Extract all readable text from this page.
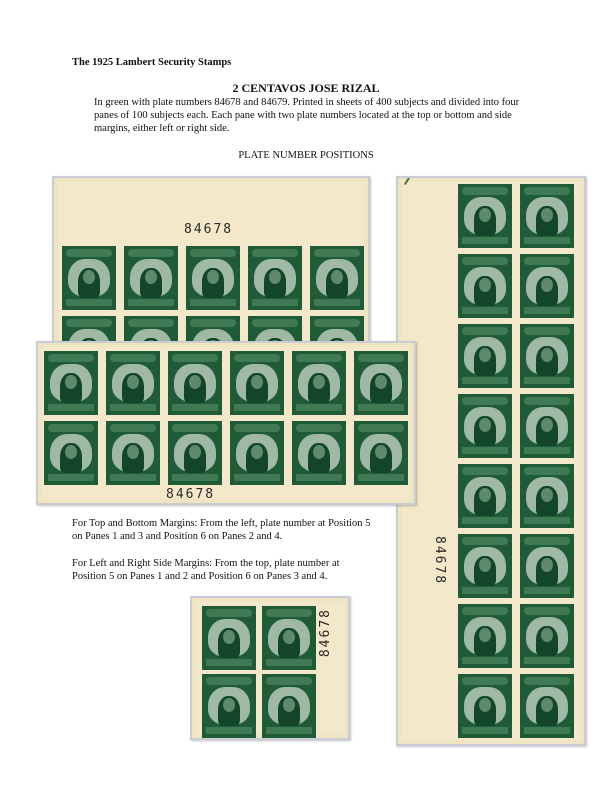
The 1925 Lambert Security Stamps
2 CENTAVOS JOSE RIZAL
In green with plate numbers 84678 and 84679. Printed in sheets of 400 subjects and divided into four panes of 100 subjects each. Each pane with two plate numbers located at the top or bottom and side margins, either left or right side.
PLATE NUMBER POSITIONS
84678
84678
84678
For Top and Bottom Margins: From the left, plate number at Position 5 on Panes 1 and 3 and Position 6 on Panes 2 and 4.
For Left and Right Side Margins: From the top, plate number at Position 5 on Panes 1 and 2 and Position 6 on Panes 3 and 4.
84678
